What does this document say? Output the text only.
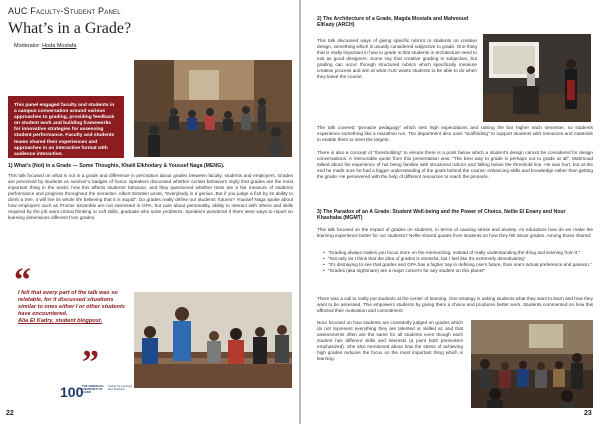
AUC Faculty-Student Panel
What’s in a Grade?
Moderator: Hoda Mostafa
This panel engaged faculty and students in a campus conversation around various approaches to grading, providing feedback on student work and building frameworks for innovative strategies for assessing student performance. Faculty and students teams shared their experiences and approaches in an interactive format with audience interaction.
1) What’s (Not) in a Grade — Some Thoughts, Khalil Elkhodary & Youssef Naga (MENG).
This talk focused on what is not in a grade and difference in perception about grades between faculty, students and employers. Grades are perceived by students as survivor’s badges of honor. Speakers discussed whether certain behaviors imply that grades are the most important thing in the world, how this affects students’ behavior, and they questioned whether tests are a fair measure of students performance and progress throughout the semester. Albert Einstein wrote, “Everybody is a genius. But if you judge a fish by its ability to climb a tree, it will live its whole life believing that it is stupid”. Do grades really define our students’ futures? Youssef Naga spoke about how employers such as Procter &Gamble are not interested in GPA, but care about personality, ability to interact with others and skills required by the job want critical thinking or soft skills, graduate who solve problems. Speakers wondered if there were ways to report on learning dimensions different from grades.
“
I felt that every part of the talk was so relatable, for it discussed situations similar to ones either I or other students have encountered.
Alia El Kadry, student blogpost.
”
100
THE AMERICAN UNIVERSITY IN CAIRO
Center for Learning and Teaching
22
2) The Architecture of a Grade, Magda Mostafa and Mahmoud ElKady (ARCH)
This talk discussed ways of giving specific rubrics to students on creative design, something which is usually considered subjective to grade. One thing that is really important in how to grade is that students in architecture need to exit as good designers. Some say that creative grading is subjective, but grading can occur through structured rubrics which specifically measure creative process and aim at what AUC wants students to be able to do when they leave the course.
The talk covered “pinnacle pedagogy” which sets high expectations and raising the bar higher each semester, so students experience something like a marathon run. The department also uses “scaffolding” to support students with resources and materials to enable them to meet the targets.
There is also a concept of “thresholding” to ensure there is a point below which a student’s design cannot be considered for design conversations. A memorable quote from this presentation was: “The best way to grade is perhaps not to grade at all”. Mahmoud talked about his experience of not being familiar with structured rubrics and falling below the threshold line. He was hurt, but at the end he made sure he had a bigger understanding of the goals behind the course; enhancing skills and knowledge rather than getting the grade. He persevered with the help of different resources to reach the pinnacle.
3) The Paradox of an A Grade: Student Well-being and the Power of Choice, Nellie El Enany and Nour Khashaba (MGMT)
This talk focused on the impact of grades on students, in terms of causing stress and anxiety. As educators how do we make the learning experience better for our students? Nellie shared quotes from students on how they felt about grades. Among those shared:
• “Grading always makes you focus more on the memorizing, instead of really understanding the thing and learning from it.”
• “Not only do I think that the idea of grades is stressful, but I feel like it’s extremely demotivating”
• “It’s dismaying to see that grades and GPA has a higher say in defining one’s future, than one’s actual preference and passion.”
• “Grades (aka nightmare) are a major concern for any student on this planet”
There was a call to really put students at the center of learning. One strategy is asking students what they want to learn and how they want to be assessed. This empowers students by giving them a choice and produces better work. Students commented on how this affected their motivation and commitment
Nour focused on how students are constantly judged on grades which do not represent everything they are talented or skilled at, and that assessments often are the same for all students even though each student has different skills and interests (a point both presenters emphasized). She also mentioned about how the stress of achieving high grades reduces the focus on the most important thing which is learning.
23
